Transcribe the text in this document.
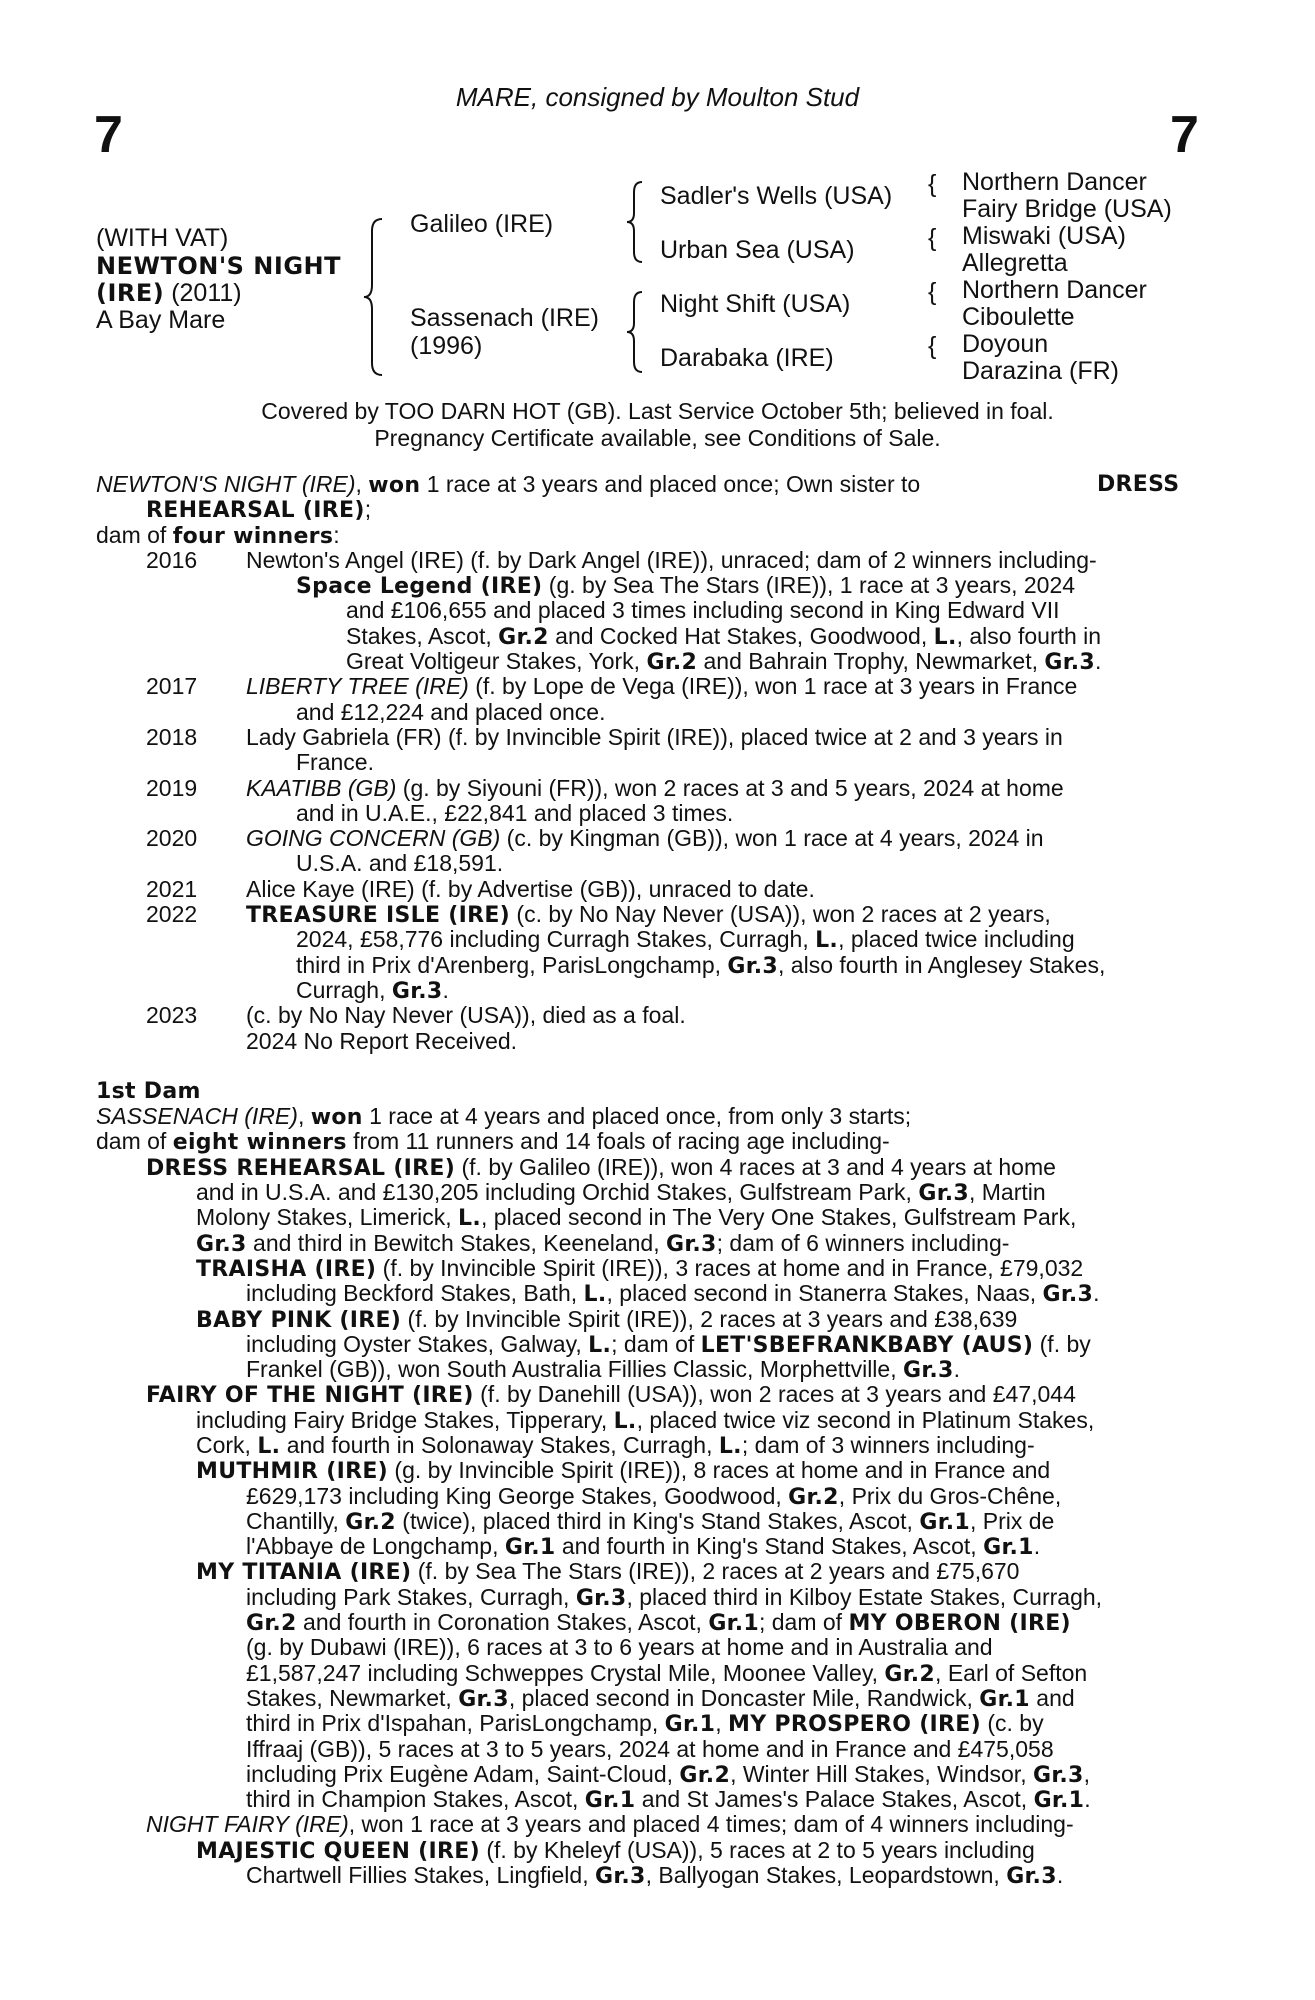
7	7
MARE, consigned by Moulton Stud
(WITH VAT)
NEWTON'S NIGHT
(IRE) (2011)
A Bay Mare
Galileo (IRE)
Sassenach (IRE)
(1996)
Sadler's Wells (USA)
Urban Sea (USA)
Night Shift (USA)
Darabaka (IRE)
{
{
{
{
Northern Dancer
Fairy Bridge (USA)
Miswaki (USA)
Allegretta
Northern Dancer
Ciboulette
Doyoun
Darazina (FR)
Covered by TOO DARN HOT (GB). Last Service October 5th; believed in foal.
Pregnancy Certificate available, see Conditions of Sale.
NEWTON'S NIGHT (IRE), won 1 race at 3 years and placed once; Own sister to	DRESS
REHEARSAL (IRE);
dam of four winners:
2016 Newton's Angel (IRE) (f. by Dark Angel (IRE)), unraced; dam of 2 winners including-
Space Legend (IRE) (g. by Sea The Stars (IRE)), 1 race at 3 years, 2024
and £106,655 and placed 3 times including second in King Edward VII
Stakes, Ascot, Gr.2 and Cocked Hat Stakes, Goodwood, L., also fourth in
Great Voltigeur Stakes, York, Gr.2 and Bahrain Trophy, Newmarket, Gr.3.
2017 LIBERTY TREE (IRE) (f. by Lope de Vega (IRE)), won 1 race at 3 years in France
and £12,224 and placed once.
2018 Lady Gabriela (FR) (f. by Invincible Spirit (IRE)), placed twice at 2 and 3 years in
France.
2019 KAATIBB (GB) (g. by Siyouni (FR)), won 2 races at 3 and 5 years, 2024 at home
and in U.A.E., £22,841 and placed 3 times.
2020 GOING CONCERN (GB) (c. by Kingman (GB)), won 1 race at 4 years, 2024 in
U.S.A. and £18,591.
2021 Alice Kaye (IRE) (f. by Advertise (GB)), unraced to date.
2022 TREASURE ISLE (IRE) (c. by No Nay Never (USA)), won 2 races at 2 years,
2024, £58,776 including Curragh Stakes, Curragh, L., placed twice including
third in Prix d'Arenberg, ParisLongchamp, Gr.3, also fourth in Anglesey Stakes,
Curragh, Gr.3.
2023 (c. by No Nay Never (USA)), died as a foal.
2024 No Report Received.
1st Dam
SASSENACH (IRE), won 1 race at 4 years and placed once, from only 3 starts;
dam of eight winners from 11 runners and 14 foals of racing age including-
DRESS REHEARSAL (IRE) (f. by Galileo (IRE)), won 4 races at 3 and 4 years at home
and in U.S.A. and £130,205 including Orchid Stakes, Gulfstream Park, Gr.3, Martin
Molony Stakes, Limerick, L., placed second in The Very One Stakes, Gulfstream Park,
Gr.3 and third in Bewitch Stakes, Keeneland, Gr.3; dam of 6 winners including-
TRAISHA (IRE) (f. by Invincible Spirit (IRE)), 3 races at home and in France, £79,032
including Beckford Stakes, Bath, L., placed second in Stanerra Stakes, Naas, Gr.3.
BABY PINK (IRE) (f. by Invincible Spirit (IRE)), 2 races at 3 years and £38,639
including Oyster Stakes, Galway, L.; dam of LET'SBEFRANKBABY (AUS) (f. by
Frankel (GB)), won South Australia Fillies Classic, Morphettville, Gr.3.
FAIRY OF THE NIGHT (IRE) (f. by Danehill (USA)), won 2 races at 3 years and £47,044
including Fairy Bridge Stakes, Tipperary, L., placed twice viz second in Platinum Stakes,
Cork, L. and fourth in Solonaway Stakes, Curragh, L.; dam of 3 winners including-
MUTHMIR (IRE) (g. by Invincible Spirit (IRE)), 8 races at home and in France and
£629,173 including King George Stakes, Goodwood, Gr.2, Prix du Gros-Chêne,
Chantilly, Gr.2 (twice), placed third in King's Stand Stakes, Ascot, Gr.1, Prix de
l'Abbaye de Longchamp, Gr.1 and fourth in King's Stand Stakes, Ascot, Gr.1.
MY TITANIA (IRE) (f. by Sea The Stars (IRE)), 2 races at 2 years and £75,670
including Park Stakes, Curragh, Gr.3, placed third in Kilboy Estate Stakes, Curragh,
Gr.2 and fourth in Coronation Stakes, Ascot, Gr.1; dam of MY OBERON (IRE)
(g. by Dubawi (IRE)), 6 races at 3 to 6 years at home and in Australia and
£1,587,247 including Schweppes Crystal Mile, Moonee Valley, Gr.2, Earl of Sefton
Stakes, Newmarket, Gr.3, placed second in Doncaster Mile, Randwick, Gr.1 and
third in Prix d'Ispahan, ParisLongchamp, Gr.1, MY PROSPERO (IRE) (c. by
Iffraaj (GB)), 5 races at 3 to 5 years, 2024 at home and in France and £475,058
including Prix Eugène Adam, Saint-Cloud, Gr.2, Winter Hill Stakes, Windsor, Gr.3,
third in Champion Stakes, Ascot, Gr.1 and St James's Palace Stakes, Ascot, Gr.1.
NIGHT FAIRY (IRE), won 1 race at 3 years and placed 4 times; dam of 4 winners including-
MAJESTIC QUEEN (IRE) (f. by Kheleyf (USA)), 5 races at 2 to 5 years including
Chartwell Fillies Stakes, Lingfield, Gr.3, Ballyogan Stakes, Leopardstown, Gr.3.
